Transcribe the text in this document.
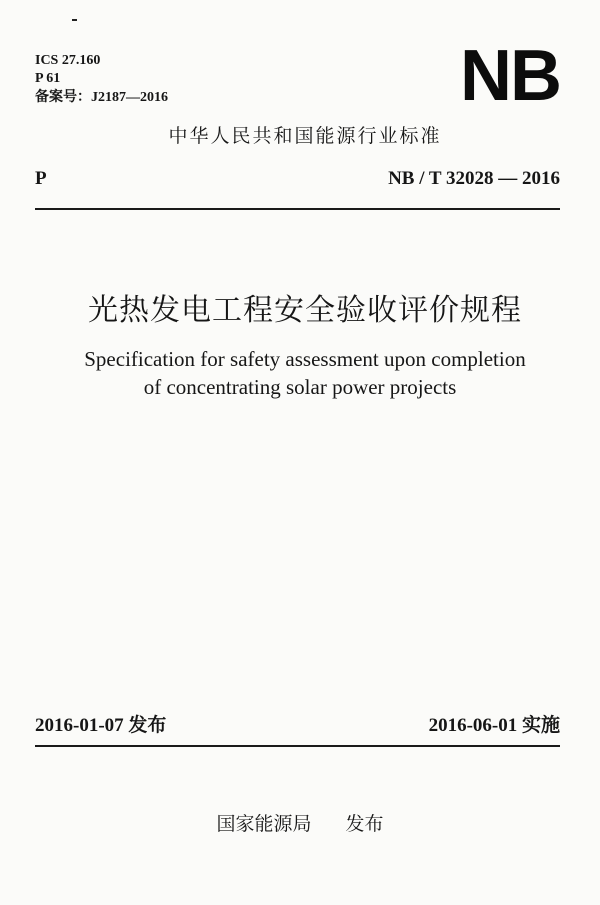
ICS 27.160
P 61
备案号：J2187—2016	NB
中华人民共和国能源行业标准
P	NB / T 32028 — 2016
光热发电工程安全验收评价规程
Specification for safety assessment upon completion
of concentrating solar power projects
2016-01-07 发布	2016-06-01 实施
国家能源局 发布
